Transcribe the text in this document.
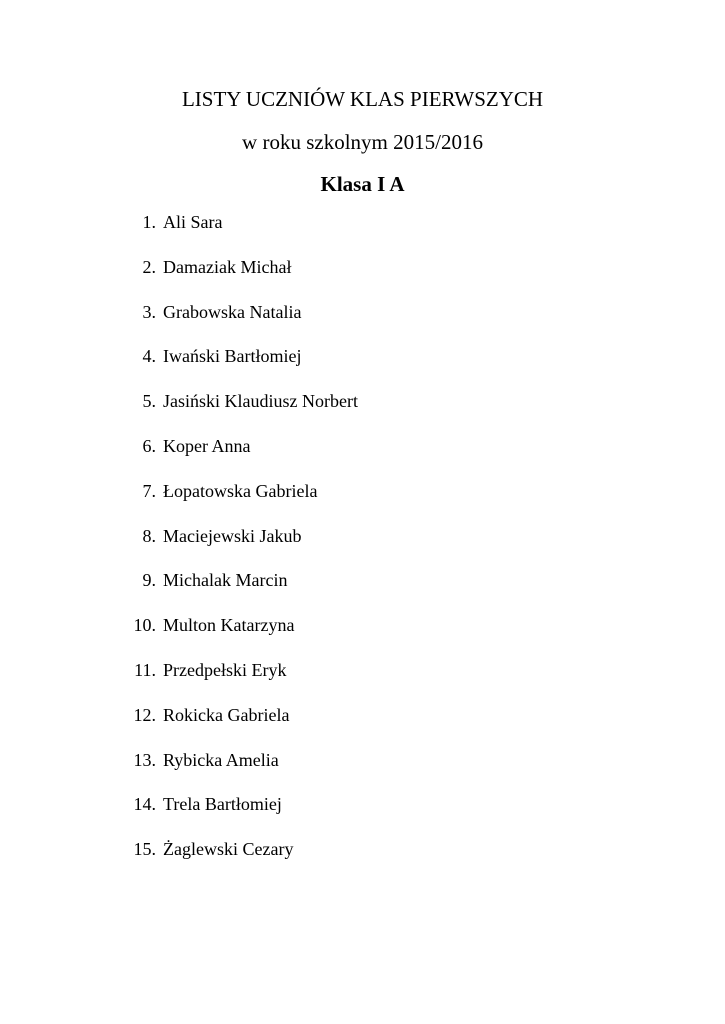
LISTY UCZNIÓW KLAS PIERWSZYCH
w roku szkolnym 2015/2016
Klasa I A
1. Ali Sara
2. Damaziak Michał
3. Grabowska Natalia
4. Iwański Bartłomiej
5. Jasiński Klaudiusz Norbert
6. Koper Anna
7. Łopatowska Gabriela
8. Maciejewski Jakub
9. Michalak Marcin
10. Multon Katarzyna
11. Przedpełski Eryk
12. Rokicka Gabriela
13. Rybicka Amelia
14. Trela Bartłomiej
15. Żaglewski Cezary
